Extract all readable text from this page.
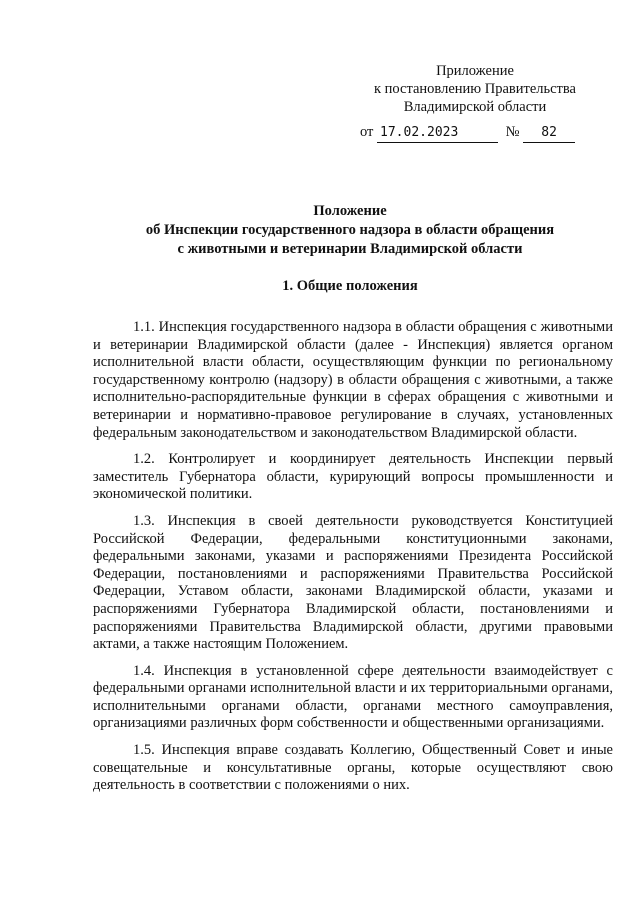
Приложение
к постановлению Правительства
Владимирской области
от 17.02.2023	№ 82
Положение
об Инспекции государственного надзора в области обращения
с животными и ветеринарии Владимирской области
1. Общие положения

1.1. Инспекция государственного надзора в области обращения с животными и ветеринарии Владимирской области (далее - Инспекция) является органом исполнительной власти области, осуществляющим функции по региональному государственному контролю (надзору) в области обращения с животными, а также исполнительно-распорядительные функции в сферах обращения с животными и ветеринарии и нормативно-правовое регулирование в случаях, установленных федеральным законодательством и законодательством Владимирской области.

1.2. Контролирует и координирует деятельность Инспекции первый заместитель Губернатора области, курирующий вопросы промышленности и экономической политики.

1.3. Инспекция в своей деятельности руководствуется Конституцией Российской Федерации, федеральными конституционными законами, федеральными законами, указами и распоряжениями Президента Российской Федерации, постановлениями и распоряжениями Правительства Российской Федерации, Уставом области, законами Владимирской области, указами и распоряжениями Губернатора Владимирской области, постановлениями и распоряжениями Правительства Владимирской области, другими правовыми актами, а также настоящим Положением.

1.4. Инспекция в установленной сфере деятельности взаимодействует с федеральными органами исполнительной власти и их территориальными органами, исполнительными органами области, органами местного самоуправления, организациями различных форм собственности и общественными организациями.

1.5. Инспекция вправе создавать Коллегию, Общественный Совет и иные совещательные и консультативные органы, которые осуществляют свою деятельность в соответствии с положениями о них.
